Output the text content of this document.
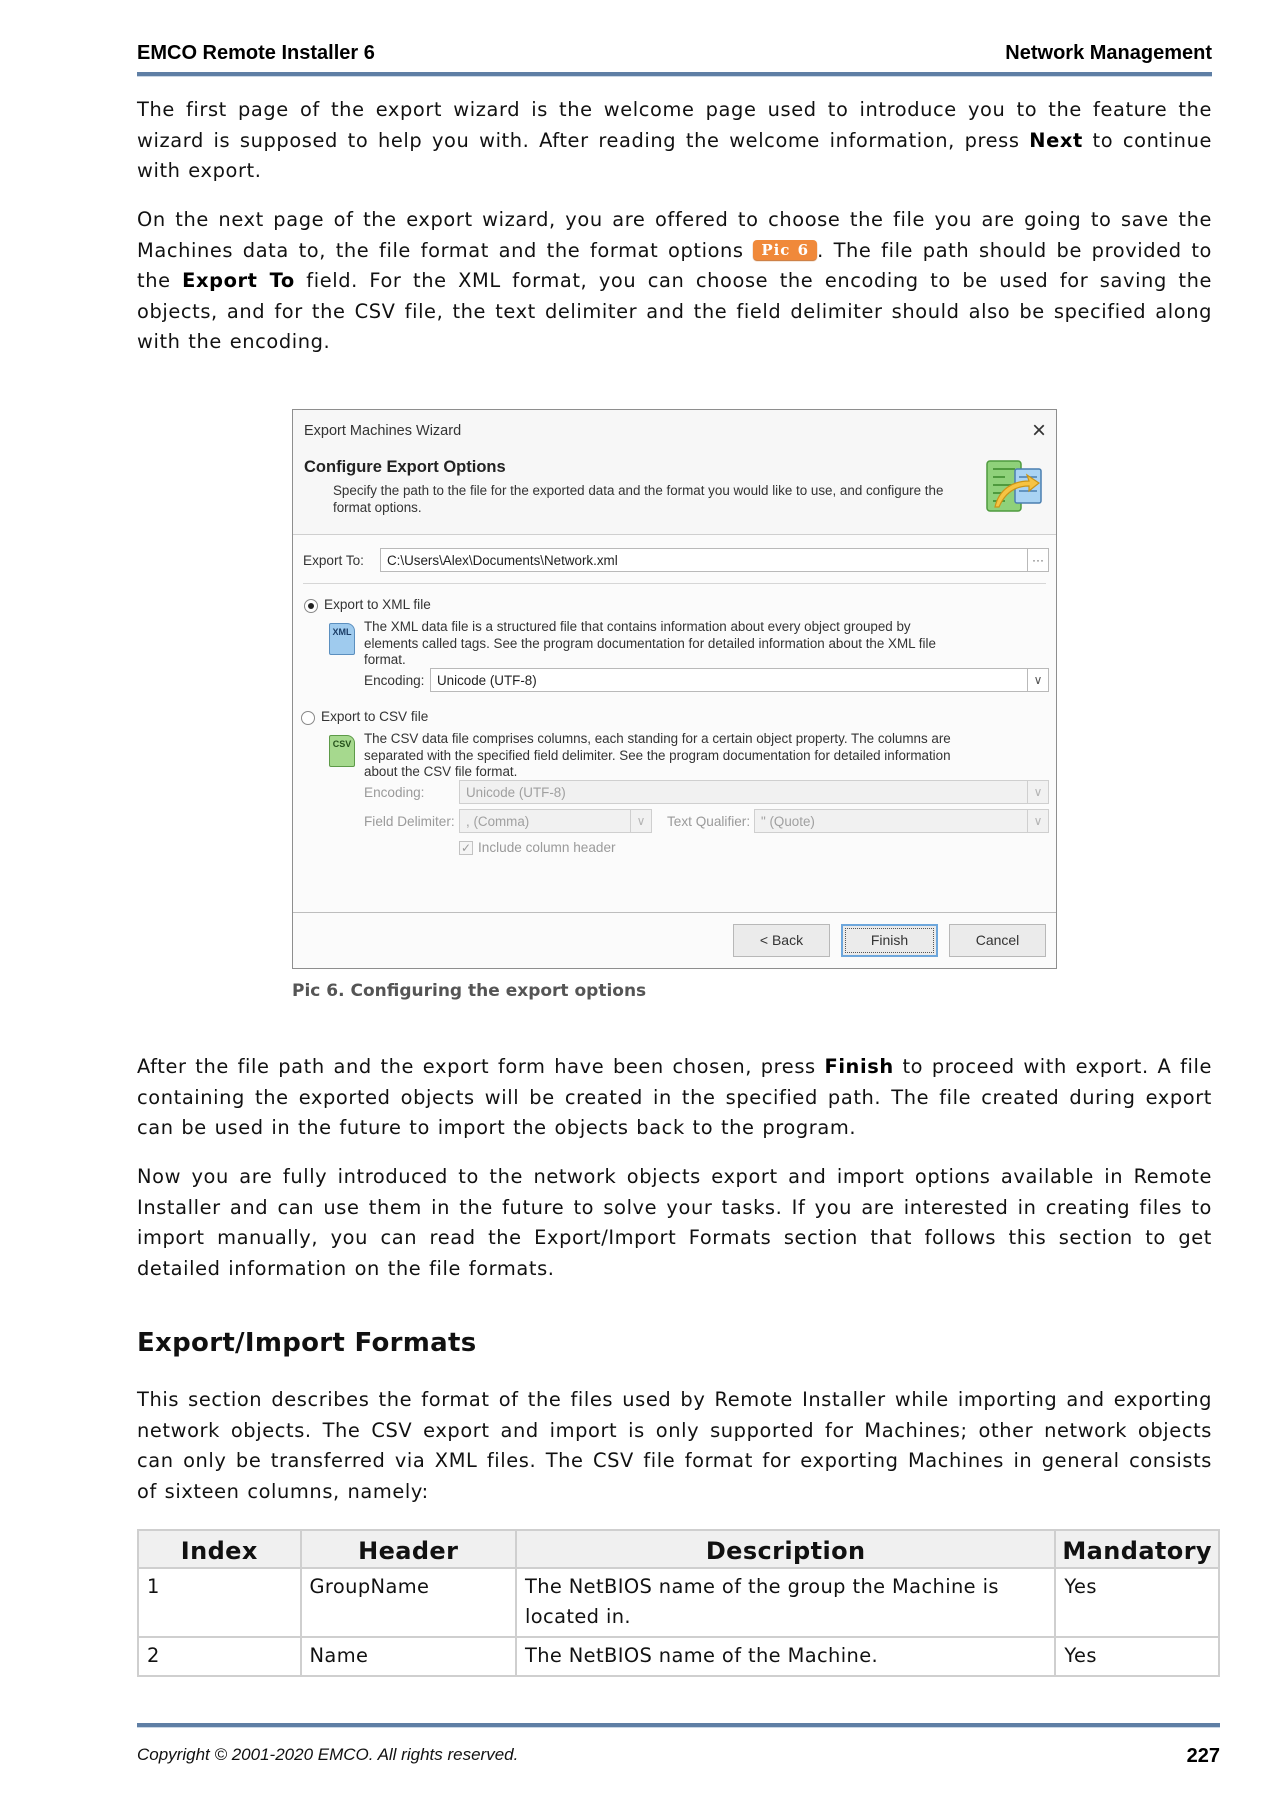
EMCO Remote Installer 6	Network Management
The first page of the export wizard is the welcome page used to introduce you to the feature the wizard is supposed to help you with. After reading the welcome information, press Next to continue with export.
On the next page of the export wizard, you are offered to choose the file you are going to save the Machines data to, the file format and the format options Pic 6 . The file path should be provided to the Export To field. For the XML format, you can choose the encoding to be used for saving the objects, and for the CSV file, the text delimiter and the field delimiter should also be specified along with the encoding.
Export Machines Wizard	×
Configure Export Options
Specify the path to the file for the exported data and the format you would like to use, and configure the format options.
Export To:	C:\Users\Alex\Documents\Network.xml	···
Export to XML file
XML The XML data file is a structured file that contains information about every object grouped by elements called tags. See the program documentation for detailed information about the XML file format.
Encoding: Unicode (UTF-8)	∨
Export to CSV file
CSV The CSV data file comprises columns, each standing for a certain object property. The columns are separated with the specified field delimiter. See the program documentation for detailed information about the CSV file format.
Encoding:	Unicode (UTF-8)	∨
Field Delimiter: , (Comma)	∨	Text Qualifier: " (Quote)	∨
✓ Include column header
< Back	Finish	Cancel
Pic 6. Configuring the export options
After the file path and the export form have been chosen, press Finish to proceed with export. A file containing the exported objects will be created in the specified path. The file created during export can be used in the future to import the objects back to the program.
Now you are fully introduced to the network objects export and import options available in Remote Installer and can use them in the future to solve your tasks. If you are interested in creating files to import manually, you can read the Export/Import Formats section that follows this section to get detailed information on the file formats.
Export/Import Formats
This section describes the format of the files used by Remote Installer while importing and exporting network objects. The CSV export and import is only supported for Machines; other network objects can only be transferred via XML files. The CSV file format for exporting Machines in general consists of sixteen columns, namely:
Index	Header	Description	Mandatory
1	GroupName	The NetBIOS name of the group the Machine is located in.	Yes
2	Name	The NetBIOS name of the Machine.	Yes
Copyright © 2001-2020 EMCO. All rights reserved.	227
